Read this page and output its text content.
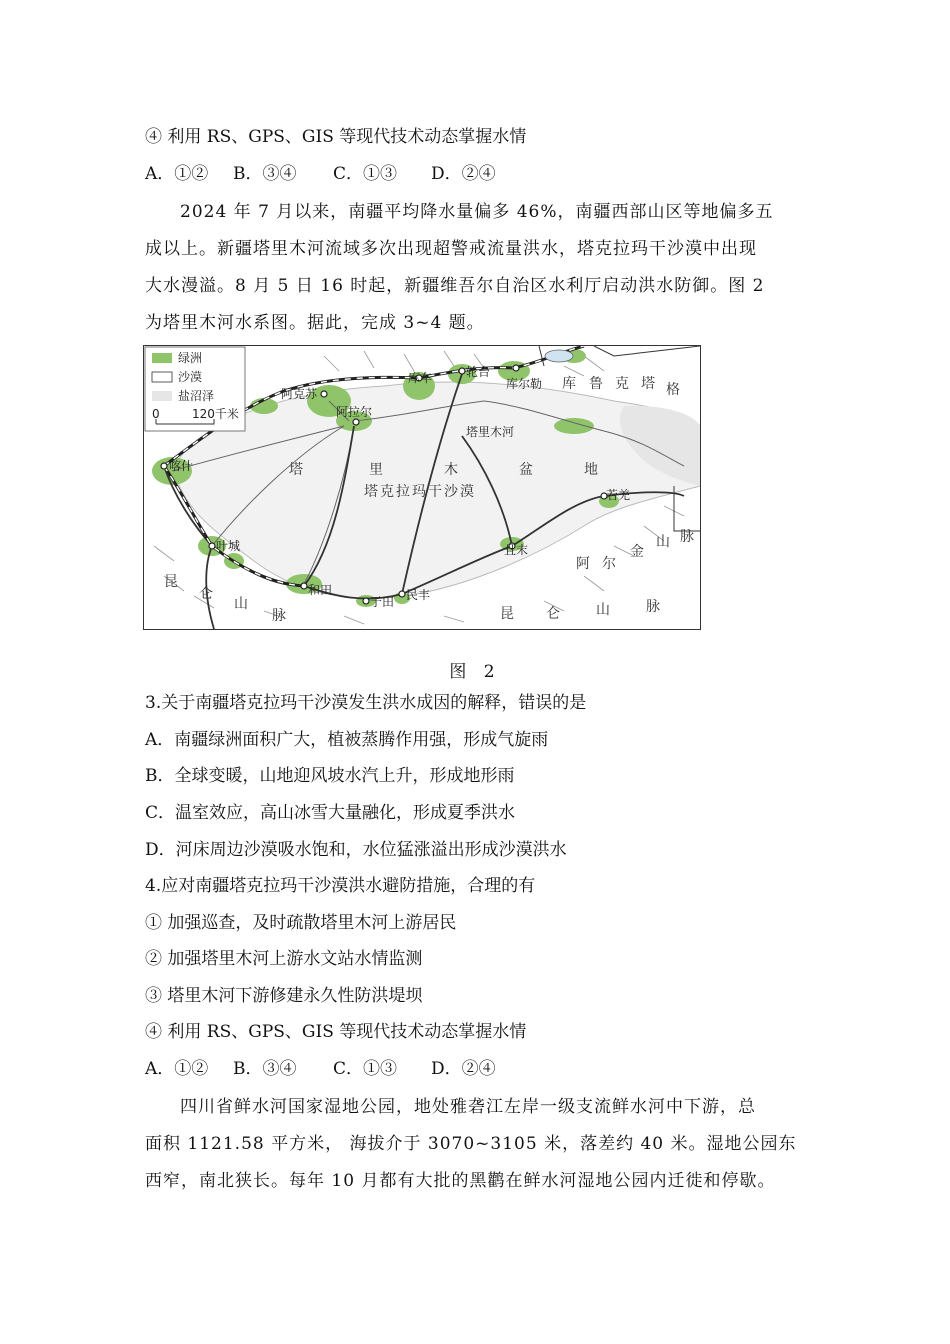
④ 利用 RS、GPS、GIS 等现代技术动态掌握水情
A．①② B．③④ C．①③ D．②④
2024 年 7 月以来，南疆平均降水量偏多 46%，南疆西部山区等地偏多五
成以上。新疆塔里木河流域多次出现超警戒流量洪水，塔克拉玛干沙漠中出现
大水漫溢。8 月 5 日 16 时起，新疆维吾尔自治区水利厅启动洪水防御。图 2
为塔里木河水系图。据此，完成 3~4 题。
绿洲
沙漠
盐沼泽
0	120千米
阿克苏
阿拉尔
库车	轮台
库尔勒
喀什
叶城
和田
于田 民丰
且末
若羌
塔里木河
塔	里	木	盆	地
塔克拉玛干沙漠
库 鲁 克 塔 格
阿 尔
金
山 脉
昆 仑 山 脉
昆
仑
山
脉
图 2
3.关于南疆塔克拉玛干沙漠发生洪水成因的解释，错误的是
A．南疆绿洲面积广大，植被蒸腾作用强，形成气旋雨
B．全球变暖，山地迎风坡水汽上升，形成地形雨
C．温室效应，高山冰雪大量融化，形成夏季洪水
D．河床周边沙漠吸水饱和，水位猛涨溢出形成沙漠洪水
4.应对南疆塔克拉玛干沙漠洪水避防措施，合理的有
① 加强巡查，及时疏散塔里木河上游居民
② 加强塔里木河上游水文站水情监测
③ 塔里木河下游修建永久性防洪堤坝
④ 利用 RS、GPS、GIS 等现代技术动态掌握水情
A．①② B．③④ C．①③ D．②④
四川省鲜水河国家湿地公园，地处雅砻江左岸一级支流鲜水河中下游，总
面积 1121.58 平方米， 海拔介于 3070~3105 米，落差约 40 米。湿地公园东
西窄，南北狭长。每年 10 月都有大批的黑鹳在鲜水河湿地公园内迁徙和停歇。
